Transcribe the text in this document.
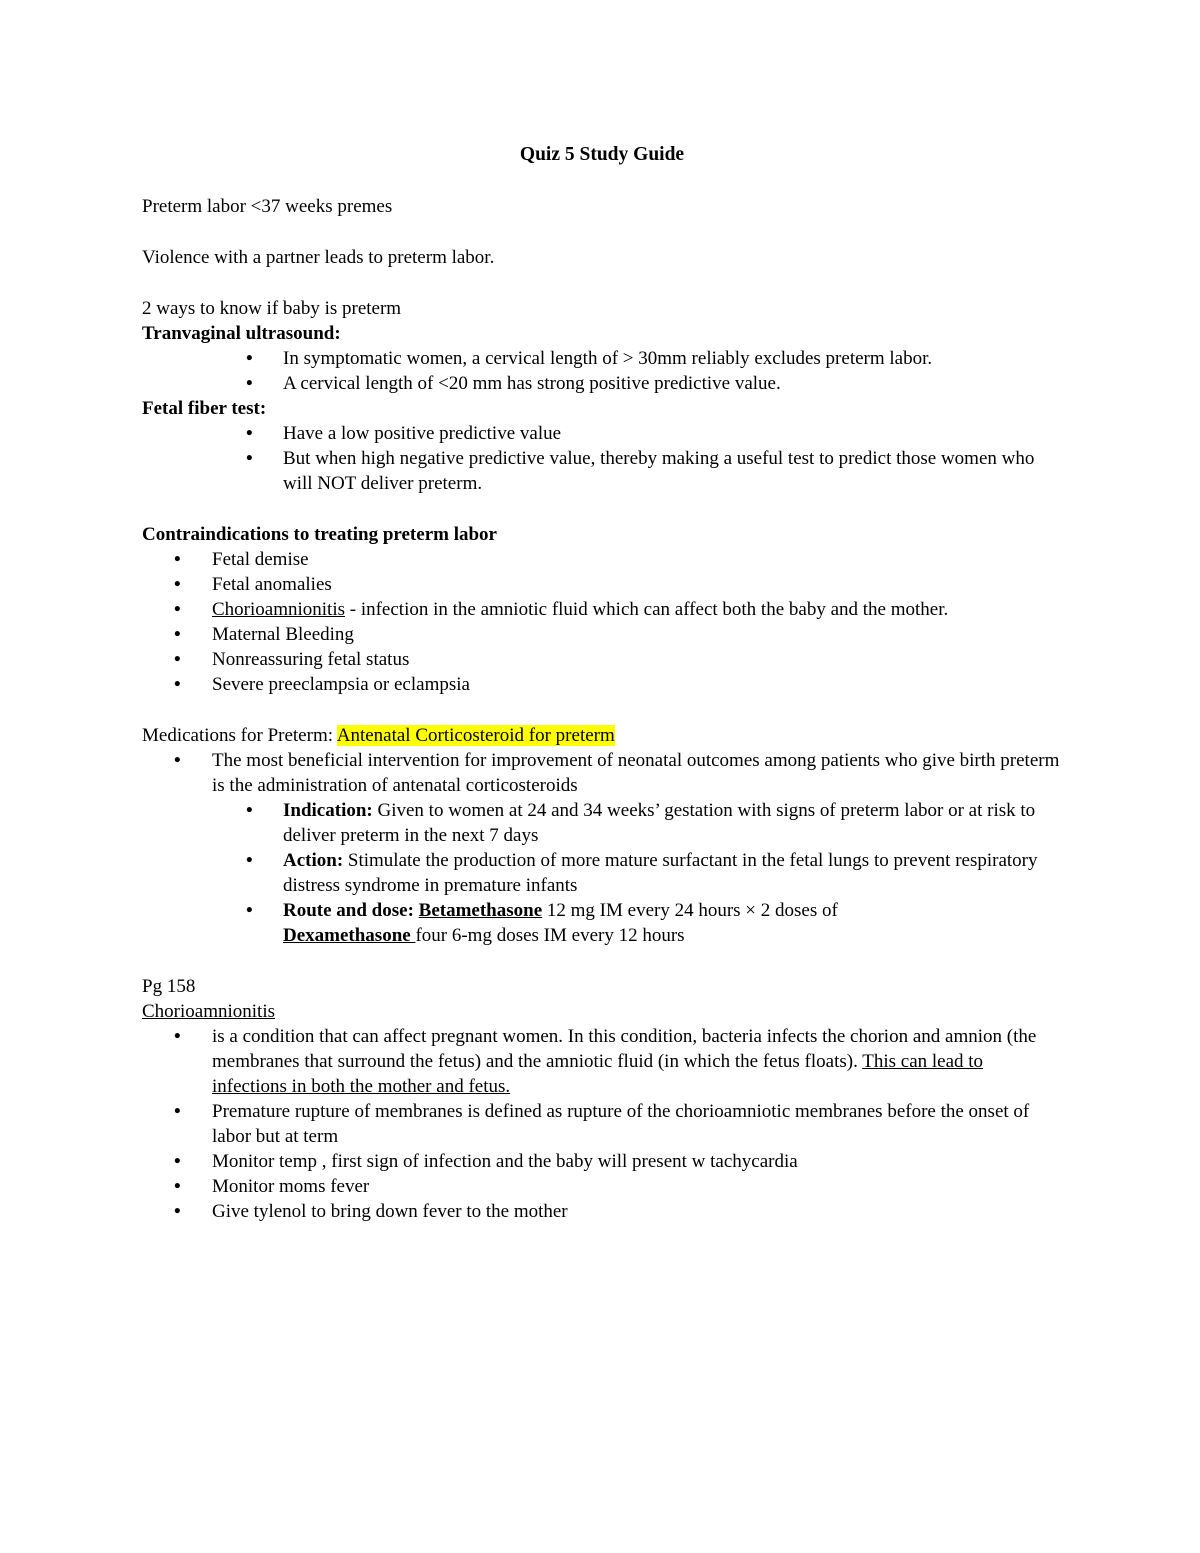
Quiz 5 Study Guide

Preterm labor <37 weeks premes

Violence with a partner leads to preterm labor.

2 ways to know if baby is preterm

Tranvaginal ultrasound:

• In symptomatic women, a cervical length of > 30mm reliably excludes preterm labor.
• A cervical length of <20 mm has strong positive predictive value.

Fetal fiber test:

• Have a low positive predictive value
• But when high negative predictive value, thereby making a useful test to predict those women who will NOT deliver preterm.

Contraindications to treating preterm labor

• Fetal demise
• Fetal anomalies
• Chorioamnionitis - infection in the amniotic fluid which can affect both the baby and the mother.
• Maternal Bleeding
• Nonreassuring fetal status
• Severe preeclampsia or eclampsia

Medications for Preterm: Antenatal Corticosteroid for preterm

• The most beneficial intervention for improvement of neonatal outcomes among patients who give birth preterm is the administration of antenatal corticosteroids
• Indication: Given to women at 24 and 34 weeks’ gestation with signs of preterm labor or at risk to deliver preterm in the next 7 days
• Action: Stimulate the production of more mature surfactant in the fetal lungs to prevent respiratory distress syndrome in premature infants
• Route and dose: Betamethasone 12 mg IM every 24 hours × 2 doses of
Dexamethasone four 6-mg doses IM every 12 hours

Pg 158

Chorioamnionitis

• is a condition that can affect pregnant women. In this condition, bacteria infects the chorion and amnion (the membranes that surround the fetus) and the amniotic fluid (in which the fetus floats). This can lead to infections in both the mother and fetus.
• Premature rupture of membranes is defined as rupture of the chorioamniotic membranes before the onset of labor but at term
• Monitor temp , first sign of infection and the baby will present w tachycardia
• Monitor moms fever
• Give tylenol to bring down fever to the mother
